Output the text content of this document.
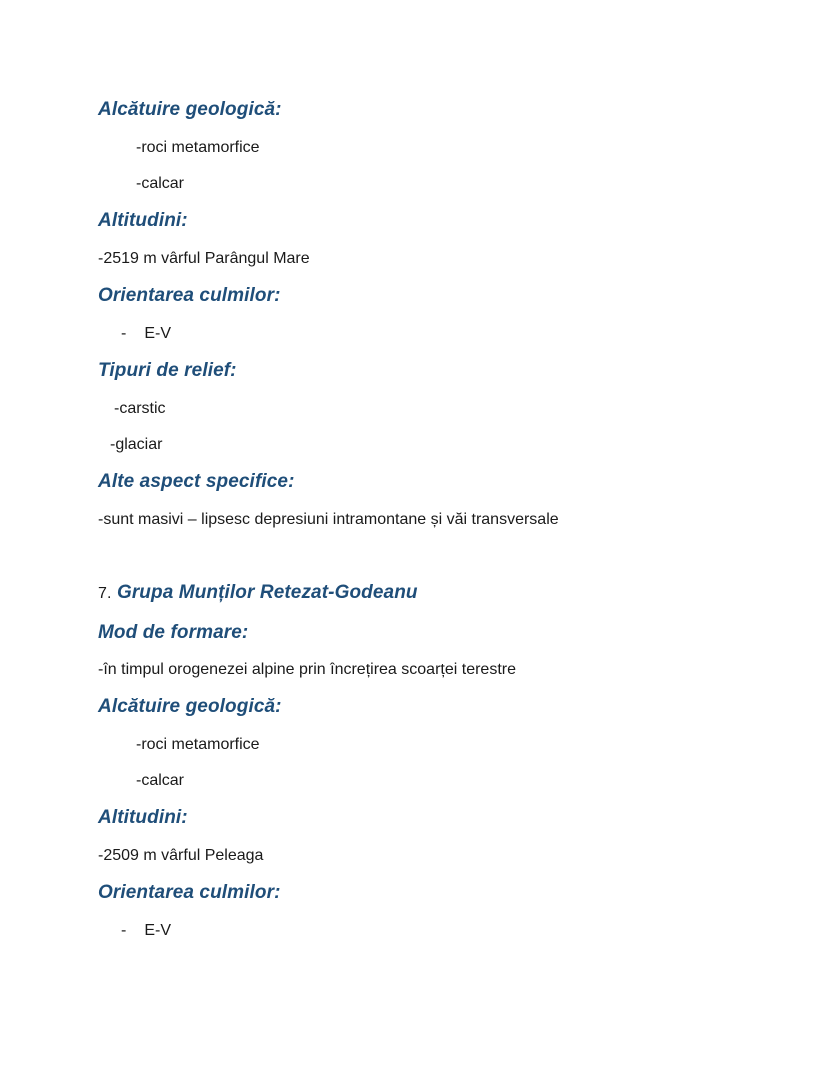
Alcătuire geologică:
-roci metamorfice
-calcar
Altitudini:
-2519 m vârful Parângul Mare
Orientarea culmilor:
- E-V
Tipuri de relief:
-carstic
-glaciar
Alte aspect specifice:
-sunt masivi – lipsesc depresiuni intramontane și văi transversale
7. Grupa Munților Retezat-Godeanu
Mod de formare:
-în timpul orogenezei alpine prin încrețirea scoarței terestre
Alcătuire geologică:
-roci metamorfice
-calcar
Altitudini:
-2509 m vârful Peleaga
Orientarea culmilor:
- E-V
